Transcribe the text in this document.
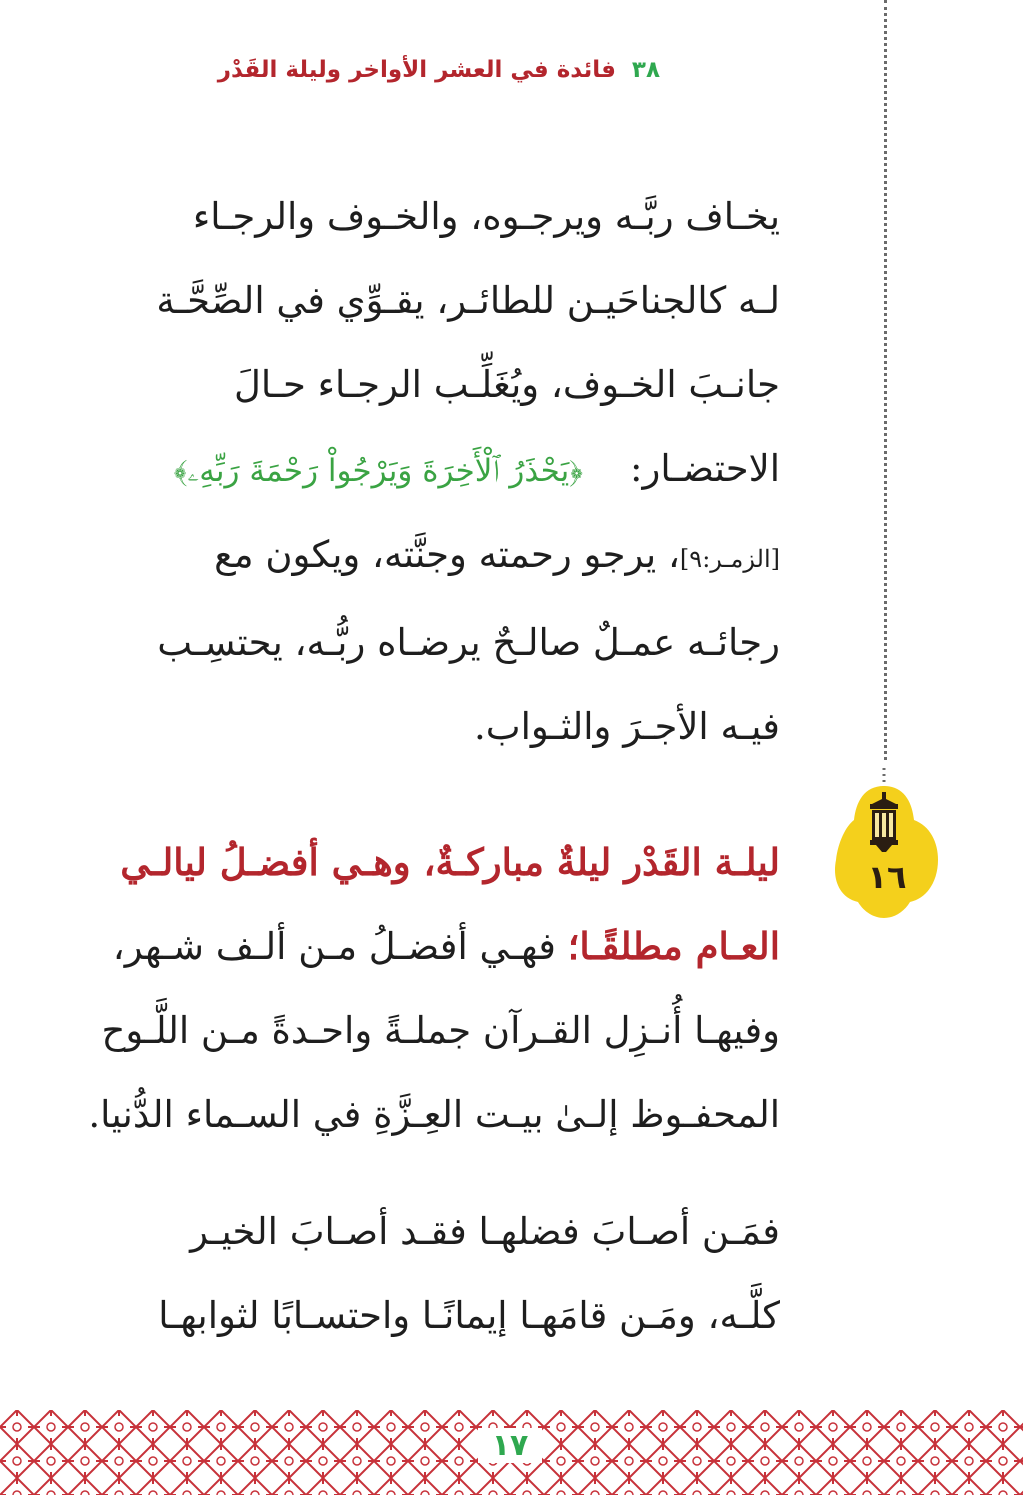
٣٨ فائدة في العشر الأواخر وليلة القَدْر
١٦
يخـاف ربَّـه ويرجـوه، والخـوف والرجـاء
لـه كالجناحَيـن للطائـر، يقـوِّي في الصِّحَّـة
جانـبَ الخـوف، ويُغَلِّـب الرجـاء حـالَ
الاحتضـار:    ﴿يَحْذَرُ ٱلْأَخِرَةَ وَيَرْجُواْ رَحْمَةَ رَبِّهِۦ﴾
[الزمـر:٩]، يرجو رحمته وجنَّته، ويكون مع
رجائـه عمـلٌ صالـحٌ يرضـاه ربُّـه، يحتسِـب
فيـه الأجـرَ والثـواب.
ليلـة القَدْر ليلةٌ مباركـةٌ، وهـي أفضـلُ ليالـي
العـام مطلقًـا؛ فهـي أفضـلُ مـن ألـف شـهر،
وفيهـا أُنـزِل القـرآن جملـةً واحـدةً مـن اللَّـوح
المحفـوظ إلـىٰ بيـت العِـزَّةِ في السـماء الدُّنيا.
فمَـن أصـابَ فضلهـا فقـد أصـابَ الخيـر
كلَّـه، ومَـن قامَهـا إيمانًـا واحتسـابًا لثوابهـا
١٧
